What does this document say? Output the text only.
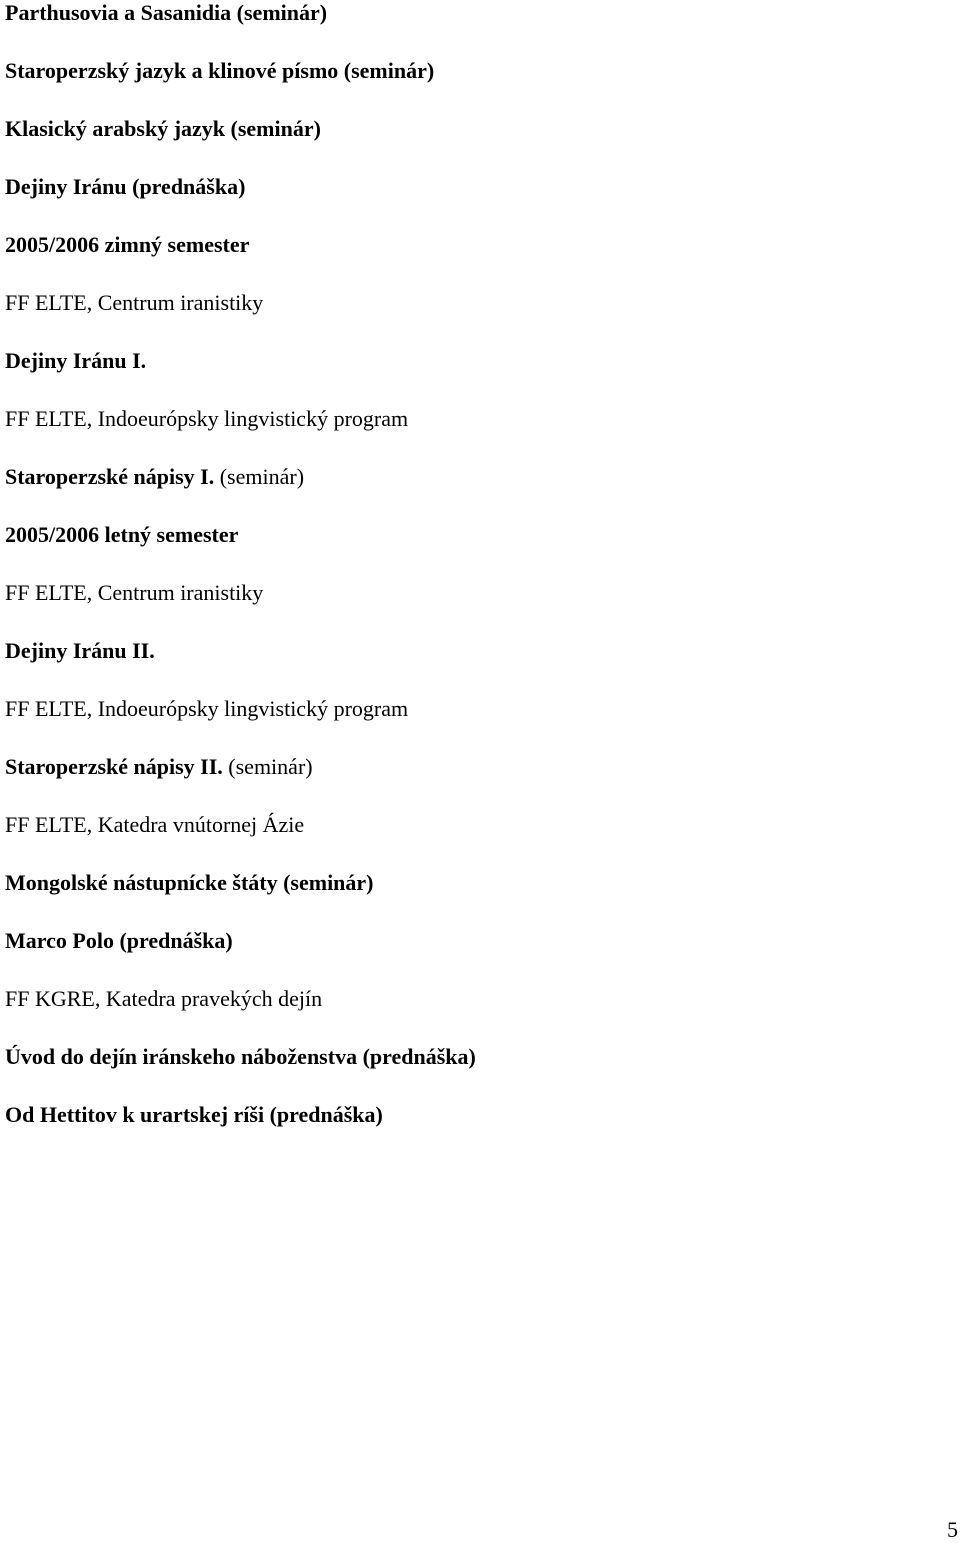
Parthusovia a Sasanidia (seminár)
Staroperzský jazyk a klinové písmo (seminár)
Klasický arabský jazyk (seminár)
Dejiny Iránu (prednáška)
2005/2006 zimný semester
FF ELTE, Centrum iranistiky
Dejiny Iránu I.
FF ELTE, Indoeurópsky lingvistický program
Staroperzské nápisy I. (seminár)
2005/2006 letný semester
FF ELTE, Centrum iranistiky
Dejiny Iránu II.
FF ELTE, Indoeurópsky lingvistický program
Staroperzské nápisy II. (seminár)
FF ELTE, Katedra vnútornej Ázie
Mongolské nástupnícke štáty (seminár)
Marco Polo (prednáška)
FF KGRE, Katedra pravekých dejín
Úvod do dejín iránskeho náboženstva (prednáška)
Od Hettitov k urartskej ríši (prednáška)
5
